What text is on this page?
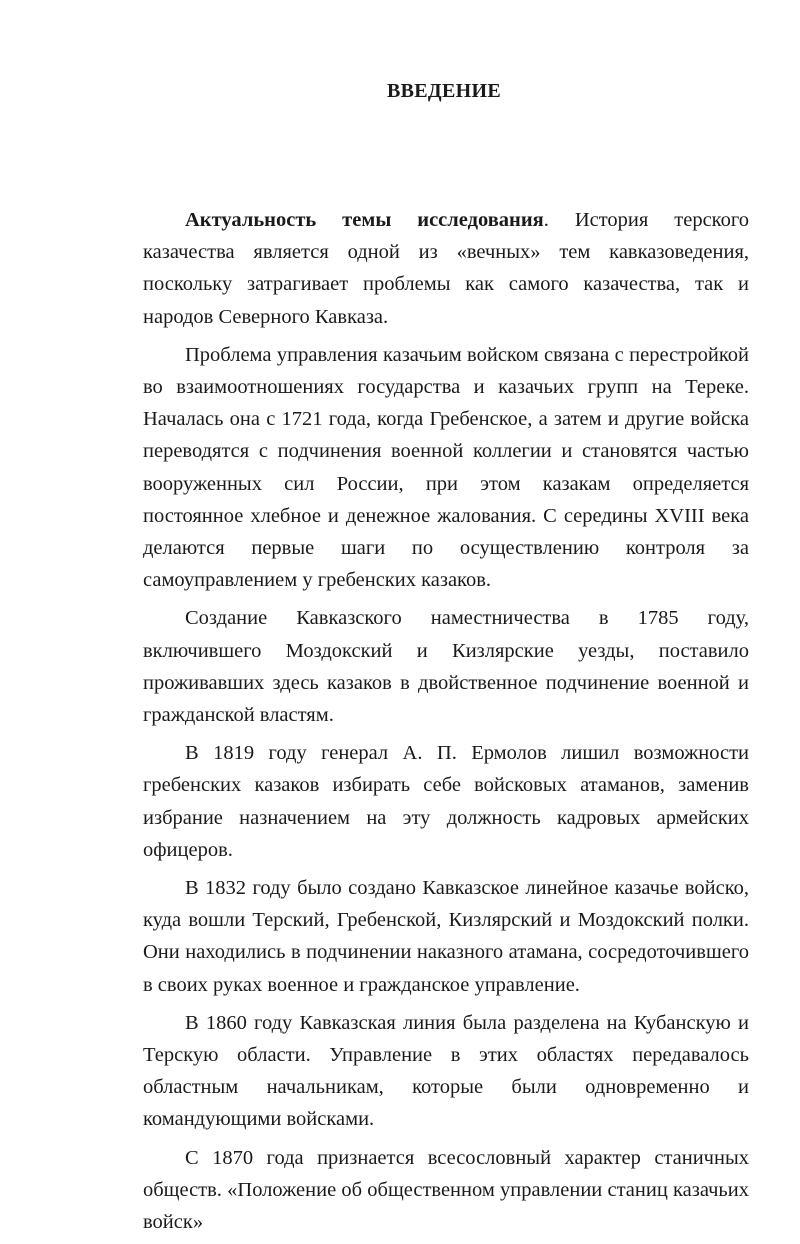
ВВЕДЕНИЕ

Актуальность темы исследования. История терского казачества является одной из «вечных» тем кавказоведения, поскольку затрагивает проблемы как самого казачества, так и народов Северного Кавказа.

Проблема управления казачьим войском связана с перестройкой во взаимоотношениях государства и казачьих групп на Тереке. Началась она с 1721 года, когда Гребенское, а затем и другие войска переводятся с подчинения военной коллегии и становятся частью вооруженных сил России, при этом казакам определяется постоянное хлебное и денежное жалования. С середины XVIII века делаются первые шаги по осуществлению контроля за самоуправлением у гребенских казаков.

Создание Кавказского наместничества в 1785 году, включившего Моздокский и Кизлярские уезды, поставило проживавших здесь казаков в двойственное подчинение военной и гражданской властям.

В 1819 году генерал А. П. Ермолов лишил возможности гребенских казаков избирать себе войсковых атаманов, заменив избрание назначением на эту должность кадровых армейских офицеров.

В 1832 году было создано Кавказское линейное казачье войско, куда вошли Терский, Гребенской, Кизлярский и Моздокский полки. Они находились в подчинении наказного атамана, сосредоточившего в своих руках военное и гражданское управление.

В 1860 году Кавказская линия была разделена на Кубанскую и Терскую области. Управление в этих областях передавалось областным начальникам, которые были одновременно и командующими войсками.

С 1870 года признается всесословный характер станичных обществ. «Положение об общественном управлении станиц казачьих войск»
